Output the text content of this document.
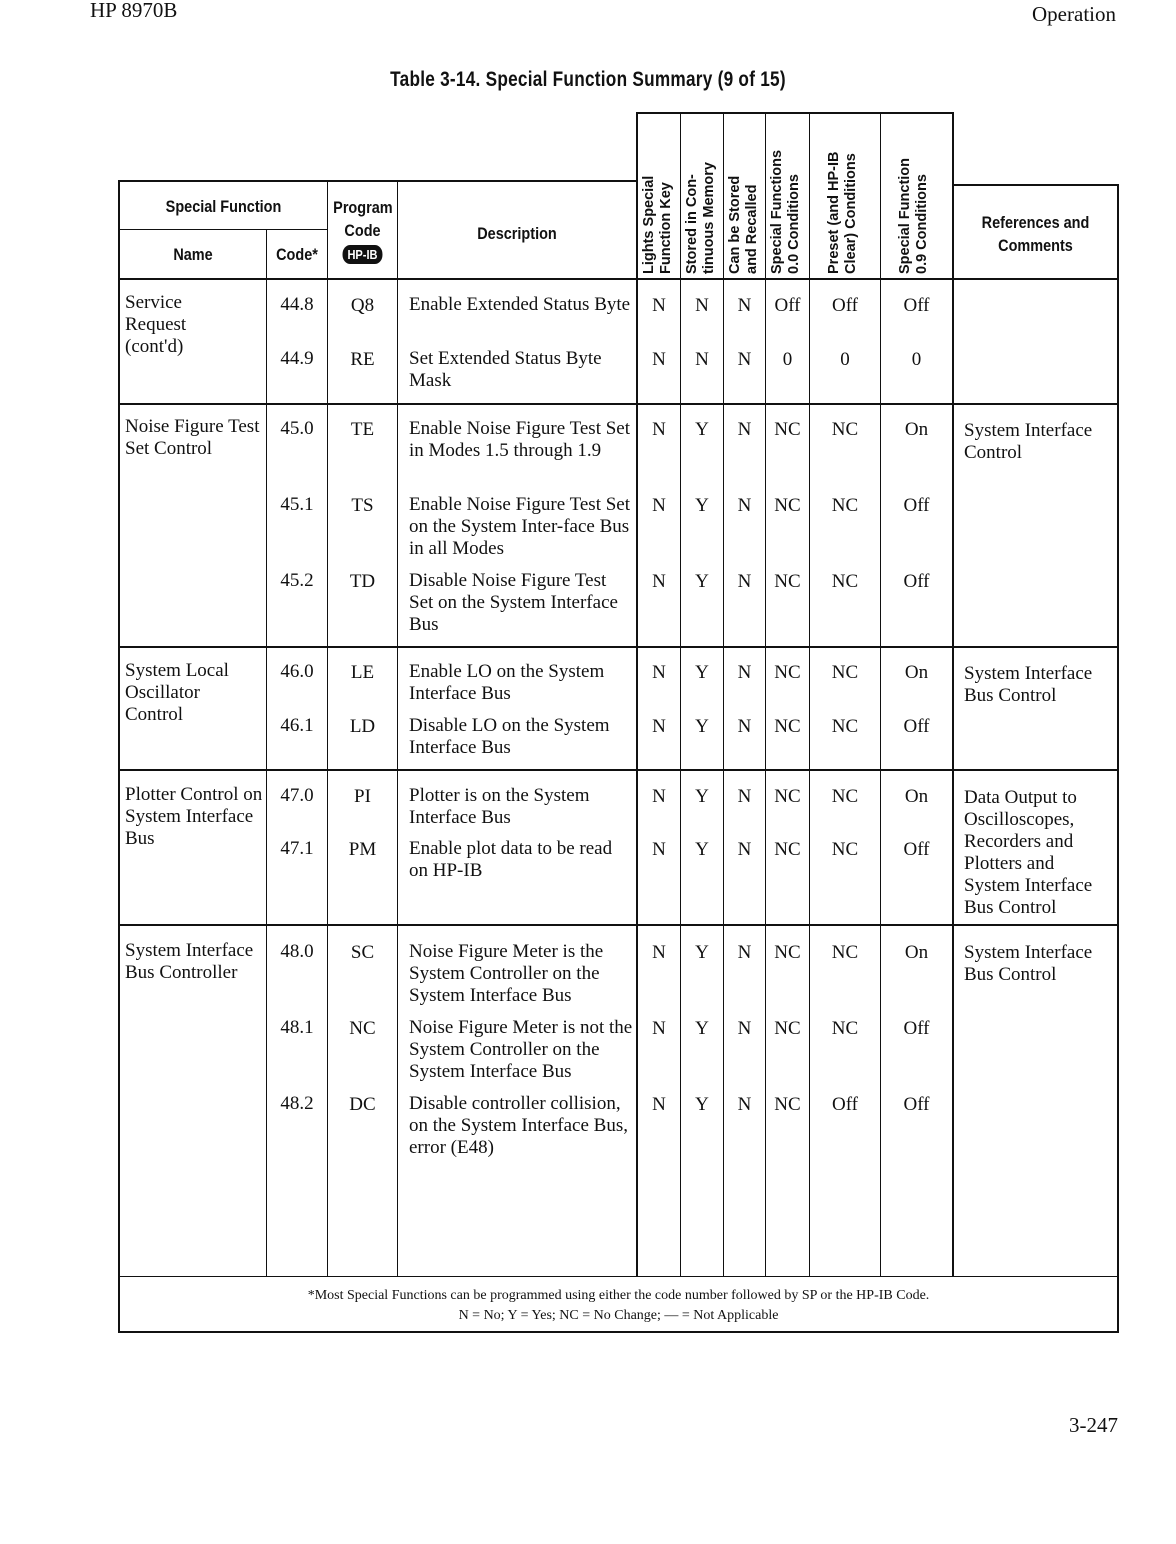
HP 8970B	Operation
Table 3-14. Special Function Summary (9 of 15)
Special Function
Name	Code*
Program Code
HP-IB
Description
References and Comments
Lights Special
Function Key
Stored in Con-
tinuous Memory
Can be Stored
and Recalled
Special Functions
0.0 Conditions
Preset (and HP-IB
Clear) Conditions
Special Function
0.9 Conditions
Service Request (cont'd)
Noise Figure Test Set Control
System Interface Control
System Local Oscillator Control
System Interface Bus Control
Plotter Control on System Interface Bus
Data Output to Oscilloscopes, Recorders and Plotters and System Interface Bus Control
System Interface Bus Controller
System Interface Bus Control
44.8	Q8	Enable Extended Status Byte	N	N	N	Off	Off	Off
44.9	RE	Set Extended Status Byte Mask
N	N	N	0	0	0
45.0	TE	Enable Noise Figure Test Set in Modes 1.5 through 1.9
N	Y	N	NC	NC	On
45.1	TS	Enable Noise Figure Test Set on the System Inter-face Bus in all Modes
N	Y	N	NC	NC	Off
45.2	TD	Disable Noise Figure Test Set on the System Interface Bus
N	Y	N	NC	NC	Off
46.0	LE	Enable LO on the System Interface Bus
N	Y	N	NC	NC	On
46.1	LD	Disable LO on the System Interface Bus
N	Y	N	NC	NC	Off
47.0	PI	Plotter is on the System Interface Bus
N	Y	N	NC	NC	On
47.1	PM	Enable plot data to be read on HP-IB
N	Y	N	NC	NC	Off
48.0	SC	Noise Figure Meter is the System Controller on the System Interface Bus
N	Y	N	NC	NC	On
48.1	NC	Noise Figure Meter is not the System Controller on the System Interface Bus
N	Y	N	NC	NC	Off
48.2	DC	Disable controller collision, on the System Interface Bus, error (E48)
N	Y	N	NC	Off	Off
*Most Special Functions can be programmed using either the code number followed by SP or the HP-IB Code.
N = No; Y = Yes; NC = No Change; — = Not Applicable
3-247
